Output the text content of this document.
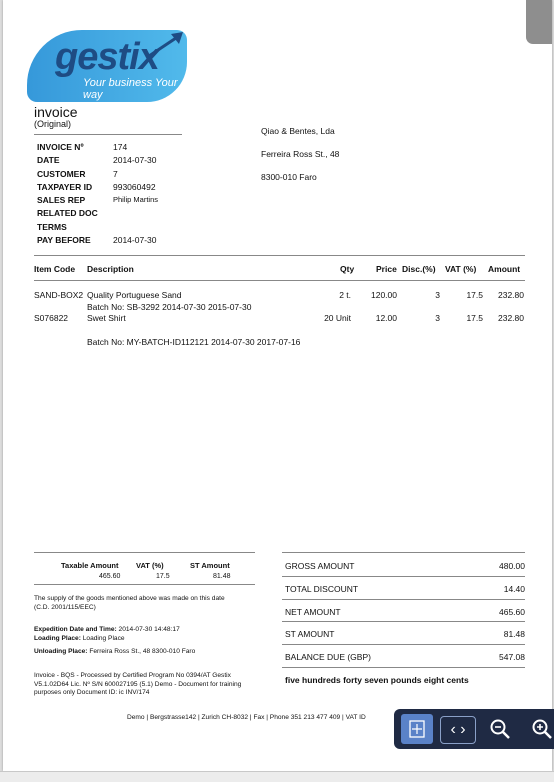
gestix
Your business Your way
invoice
(Original)
INVOICE Nº	174
DATE	2014-07-30
CUSTOMER	7
TAXPAYER ID	993060492
SALES REP	Philip Martins
RELATED DOC
TERMS
PAY BEFORE	2014-07-30
Qiao & Bentes, Lda
Ferreira Ross St., 48
8300-010 Faro
Item Code Description	Qty	Price Disc.(%) VAT (%) Amount
SAND-BOX2 Quality Portuguese Sand	2 t. 120.00	3	17.5 232.80
Batch No: SB-3292 2014-07-30 2015-07-30
S076822 Swet Shirt	20 Unit	12.00	3	17.5 232.80
Batch No: MY-BATCH-ID112121 2014-07-30 2017-07-16
Taxable Amount VAT (%)	ST Amount
465.60	17.5	81.48
The supply of the goods mentioned above was made on this date
(C.D. 2001/115/EEC)
Expedition Date and Time: 2014-07-30 14:48:17
Loading Place: Loading Place
Unloading Place: Ferreira Ross St., 48 8300-010 Faro
Invoice - BQS - Processed by Certified Program No 0394/AT Gestix
V5.1.02D64 Lic. Nº S/N 600027195 (5.1) Demo - Document for training
purposes only Document ID: ic INV/174
GROSS AMOUNT	480.00
TOTAL DISCOUNT	14.40
NET AMOUNT	465.60
ST AMOUNT	81.48
BALANCE DUE (GBP)	547.08
five hundreds forty seven pounds eight cents
Demo | Bergstrasse142 | Zurich CH-8032 | Fax | Phone 351 213 477 409 | VAT ID
‹ ›
